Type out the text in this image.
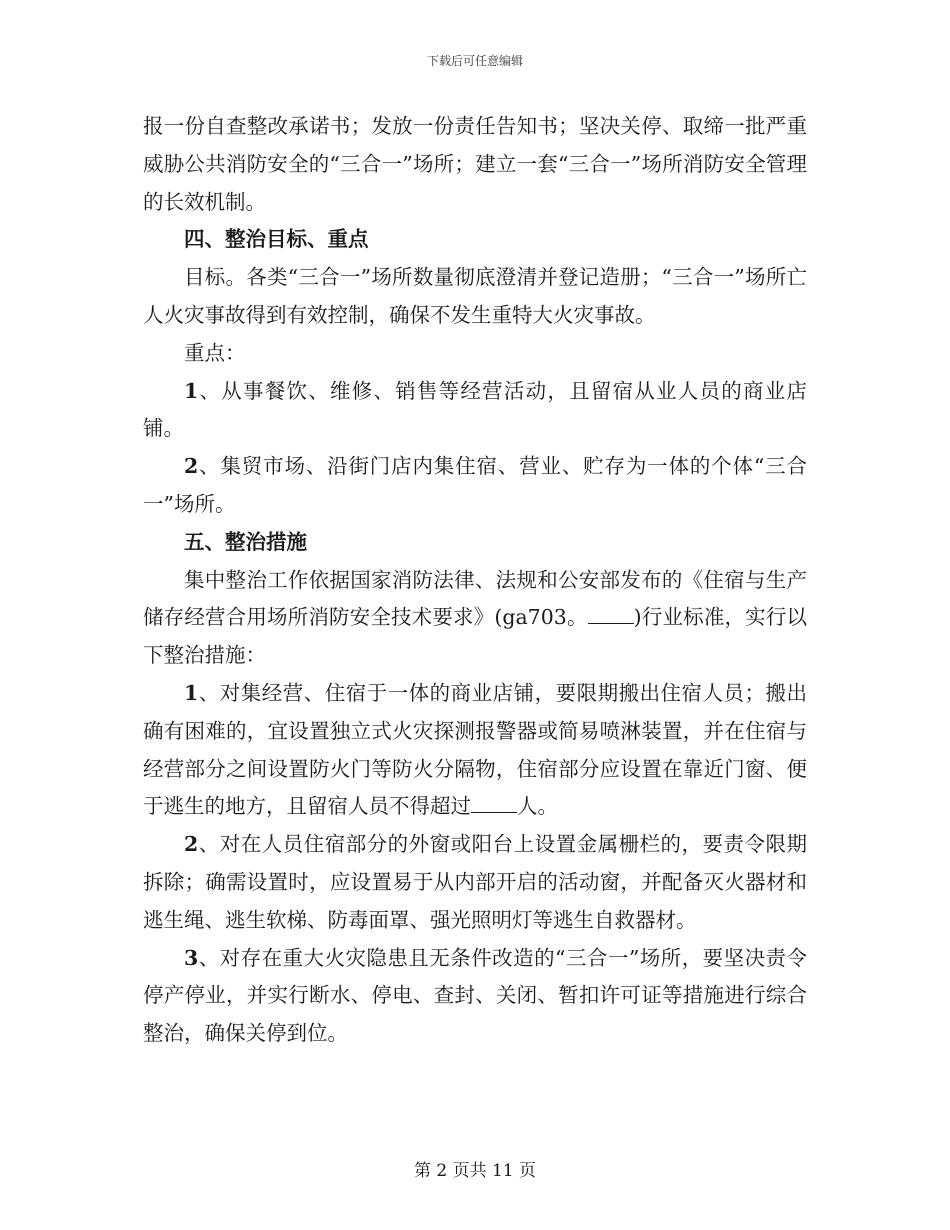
下载后可任意编辑

报一份自查整改承诺书；发放一份责任告知书；坚决关停、取缔一批严重威胁公共消防安全的“三合一”场所；建立一套“三合一”场所消防安全管理的长效机制。

四、整治目标、重点

目标。各类“三合一”场所数量彻底澄清并登记造册；“三合一”场所亡人火灾事故得到有效控制，确保不发生重特大火灾事故。

重点：

1、从事餐饮、维修、销售等经营活动，且留宿从业人员的商业店铺。

2、集贸市场、沿街门店内集住宿、营业、贮存为一体的个体“三合一”场所。

五、整治措施

集中整治工作依据国家消防法律、法规和公安部发布的《住宿与生产储存经营合用场所消防安全技术要求》(ga703。 )行业标准，实行以下整治措施：

1、对集经营、住宿于一体的商业店铺，要限期搬出住宿人员；搬出确有困难的，宜设置独立式火灾探测报警器或简易喷淋装置，并在住宿与经营部分之间设置防火门等防火分隔物，住宿部分应设置在靠近门窗、便于逃生的地方，且留宿人员不得超过 人。

2、对在人员住宿部分的外窗或阳台上设置金属栅栏的，要责令限期拆除；确需设置时，应设置易于从内部开启的活动窗，并配备灭火器材和逃生绳、逃生软梯、防毒面罩、强光照明灯等逃生自救器材。

3、对存在重大火灾隐患且无条件改造的“三合一”场所，要坚决责令停产停业，并实行断水、停电、查封、关闭、暂扣许可证等措施进行综合整治，确保关停到位。

第 2 页共 11 页
